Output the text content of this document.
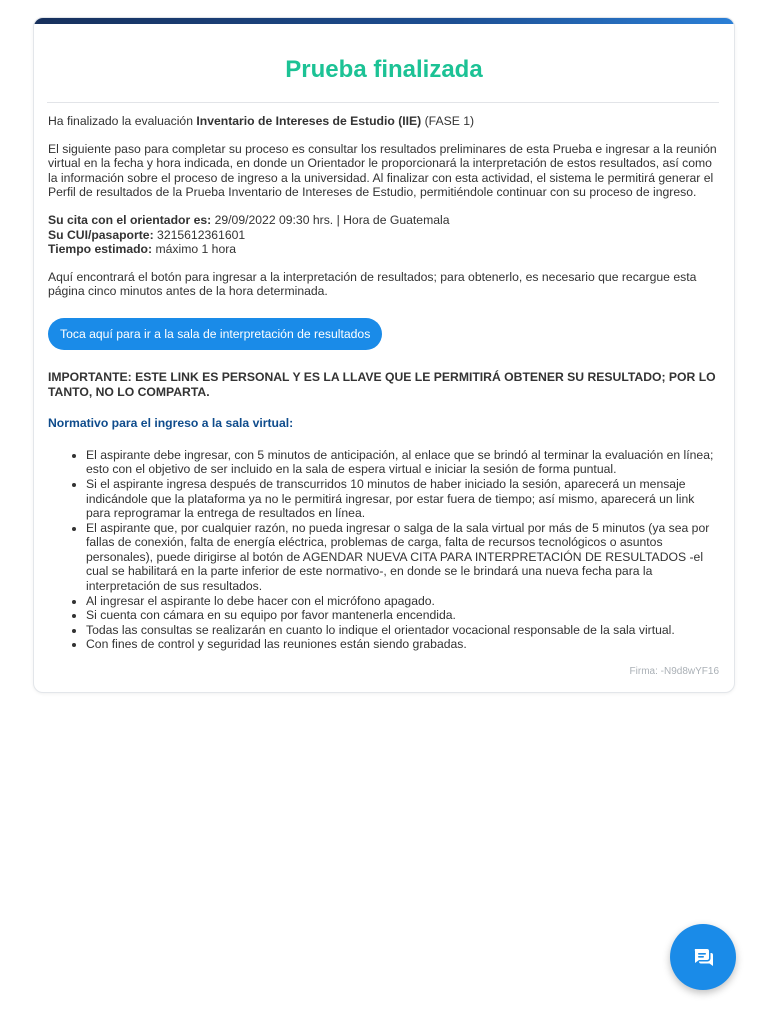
Prueba finalizada

Ha finalizado la evaluación Inventario de Intereses de Estudio (IIE) (FASE 1)

El siguiente paso para completar su proceso es consultar los resultados preliminares de esta Prueba e ingresar a la reunión virtual en la fecha y hora indicada, en donde un Orientador le proporcionará la interpretación de estos resultados, así como la información sobre el proceso de ingreso a la universidad. Al finalizar con esta actividad, el sistema le permitirá generar el Perfil de resultados de la Prueba Inventario de Intereses de Estudio, permitiéndole continuar con su proceso de ingreso.

Su cita con el orientador es: 29/09/2022 09:30 hrs. | Hora de Guatemala

Su CUI/pasaporte: 3215612361601

Tiempo estimado: máximo 1 hora

Aquí encontrará el botón para ingresar a la interpretación de resultados; para obtenerlo, es necesario que recargue esta página cinco minutos antes de la hora determinada.

Toca aquí para ir a la sala de interpretación de resultados

IMPORTANTE: ESTE LINK ES PERSONAL Y ES LA LLAVE QUE LE PERMITIRÁ OBTENER SU RESULTADO; POR LO TANTO, NO LO COMPARTA.

Normativo para el ingreso a la sala virtual:

• El aspirante debe ingresar, con 5 minutos de anticipación, al enlace que se brindó al terminar la evaluación en línea; esto con el objetivo de ser incluido en la sala de espera virtual e iniciar la sesión de forma puntual.
• Si el aspirante ingresa después de transcurridos 10 minutos de haber iniciado la sesión, aparecerá un mensaje indicándole que la plataforma ya no le permitirá ingresar, por estar fuera de tiempo; así mismo, aparecerá un link para reprogramar la entrega de resultados en línea.
• El aspirante que, por cualquier razón, no pueda ingresar o salga de la sala virtual por más de 5 minutos (ya sea por fallas de conexión, falta de energía eléctrica, problemas de carga, falta de recursos tecnológicos o asuntos personales), puede dirigirse al botón de AGENDAR NUEVA CITA PARA INTERPRETACIÓN DE RESULTADOS -el cual se habilitará en la parte inferior de este normativo-, en donde se le brindará una nueva fecha para la interpretación de sus resultados.
• Al ingresar el aspirante lo debe hacer con el micrófono apagado.
• Si cuenta con cámara en su equipo por favor mantenerla encendida.
• Todas las consultas se realizarán en cuanto lo indique el orientador vocacional responsable de la sala virtual.
• Con fines de control y seguridad las reuniones están siendo grabadas.
Firma: -N9d8wYF16
